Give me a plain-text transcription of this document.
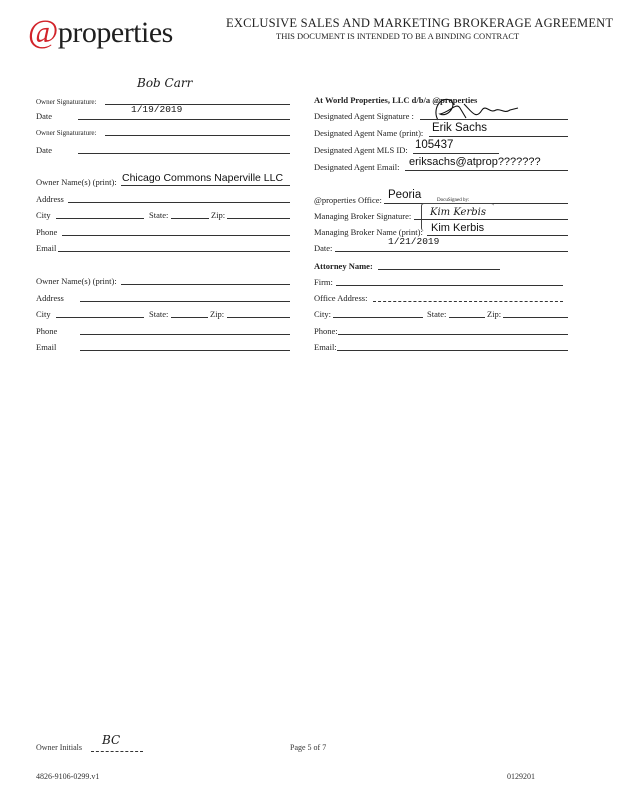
@properties	EXCLUSIVE SALES AND MARKETING BROKERAGE AGREEMENT
THIS DOCUMENT IS INTENDED TO BE A BINDING CONTRACT
Bob Carr
Owner Signaturature:
Date
1/19/2019
Owner Signaturature:
Date
Owner Name(s) (print): Chicago Commons Naperville LLC
Address
City	State:	Zip:
Phone
Email
Owner Name(s) (print):
Address
City	State:	Zip:
Phone
Email
At World Properties, LLC d/b/a @properties
Designated Agent Signature :
Designated Agent Name (print): Erik Sachs
Designated Agent MLS ID: 105437
Designated Agent Email: eriksachs@atprop???????
@properties Office: Peoria	DocuSigned by:
Kim Kerbis
Managing Broker Signature:
Managing Broker Name (print): Kim Kerbis
Date:
1/21/2019
Attorney Name:
Firm:
Office Address:
City:	State:	Zip:
Phone:
Email:
Owner Initials
BC
Page 5 of 7
4826-9106-0299.v1	0129201
